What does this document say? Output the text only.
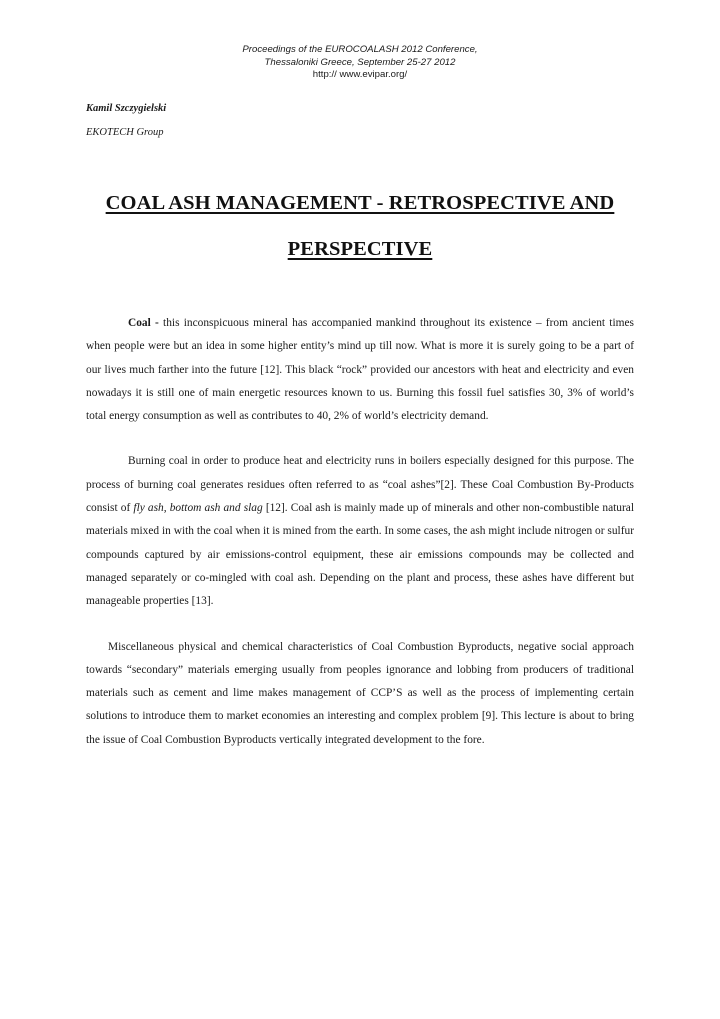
Proceedings of the EUROCOALASH 2012 Conference,
Thessaloniki Greece, September 25-27 2012
http:// www.evipar.org/
Kamil Szczygielski
EKOTECH Group
COAL ASH MANAGEMENT - RETROSPECTIVE AND
PERSPECTIVE

Coal - this inconspicuous mineral has accompanied mankind throughout its existence – from ancient times when people were but an idea in some higher entity’s mind up till now. What is more it is surely going to be a part of our lives much farther into the future [12]. This black “rock” provided our ancestors with heat and electricity and even nowadays it is still one of main energetic resources known to us. Burning this fossil fuel satisfies 30, 3% of world’s total energy consumption as well as contributes to 40, 2% of world’s electricity demand.

Burning coal in order to produce heat and electricity runs in boilers especially designed for this purpose. The process of burning coal generates residues often referred to as “coal ashes”[2]. These Coal Combustion By-Products consist of fly ash, bottom ash and slag [12]. Coal ash is mainly made up of minerals and other non-combustible natural materials mixed in with the coal when it is mined from the earth. In some cases, the ash might include nitrogen or sulfur compounds captured by air emissions-control equipment, these air emissions compounds may be collected and managed separately or co-mingled with coal ash. Depending on the plant and process, these ashes have different but manageable properties [13].

Miscellaneous physical and chemical characteristics of Coal Combustion Byproducts, negative social approach towards “secondary” materials emerging usually from peoples ignorance and lobbing from producers of traditional materials such as cement and lime makes management of CCP’S as well as the process of implementing certain solutions to introduce them to market economies an interesting and complex problem [9]. This lecture is about to bring the issue of Coal Combustion Byproducts vertically integrated development to the fore.
